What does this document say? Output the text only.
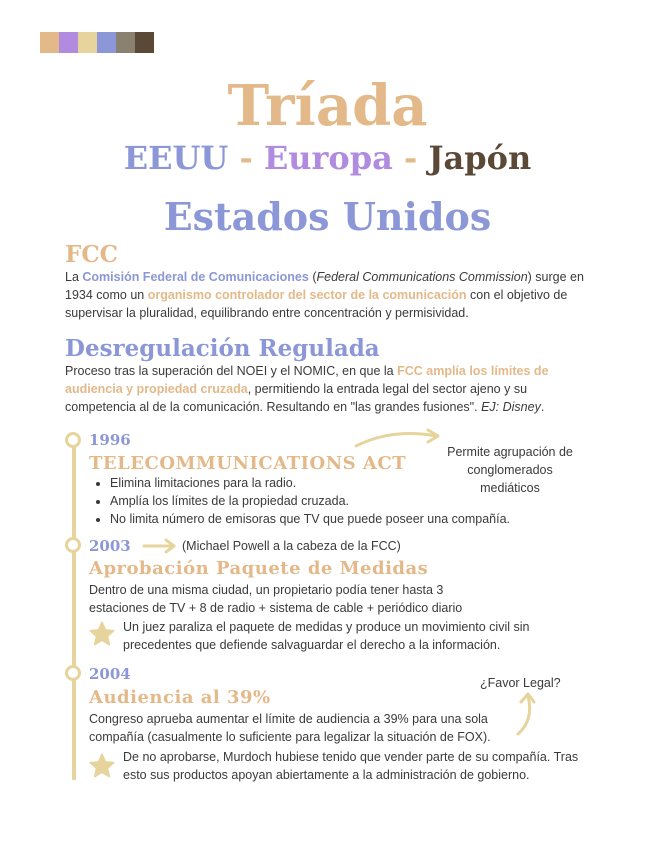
Tríada
EEUU - Europa - Japón
Estados Unidos
FCC
La Comisión Federal de Comunicaciones (Federal Communications Commission) surge en 1934 como un organismo controlador del sector de la comunicación con el objetivo de supervisar la pluralidad, equilibrando entre concentración y permisividad.
Desregulación Regulada
Proceso tras la superación del NOEI y el NOMIC, en que la FCC amplía los límites de audiencia y propiedad cruzada, permitiendo la entrada legal del sector ajeno y su competencia al de la comunicación. Resultando en "las grandes fusiones". EJ: Disney.
1996
Permite agrupación de conglomerados mediáticos
TELECOMMUNICATIONS ACT
• Elimina limitaciones para la radio.
• Amplía los límites de la propiedad cruzada.
• No limita número de emisoras que TV que puede poseer una compañía.
2003	(Michael Powell a la cabeza de la FCC)
Aprobación Paquete de Medidas
Dentro de una misma ciudad, un propietario podía tener hasta 3 estaciones de TV + 8 de radio + sistema de cable + periódico diario
Un juez paraliza el paquete de medidas y produce un movimiento civil sin precedentes que defiende salvaguardar el derecho a la información.
2004	¿Favor Legal?
Audiencia al 39%
Congreso aprueba aumentar el límite de audiencia a 39% para una sola compañía (casualmente lo suficiente para legalizar la situación de FOX).
De no aprobarse, Murdoch hubiese tenido que vender parte de su compañía. Tras esto sus productos apoyan abiertamente a la administración de gobierno.
